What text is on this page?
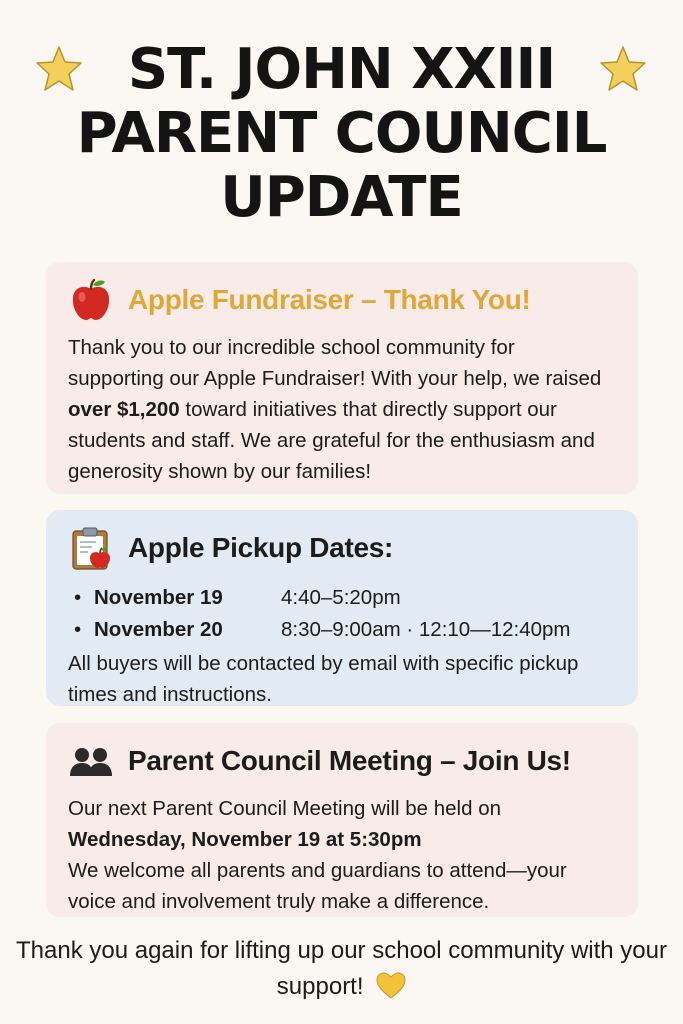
ST. JOHN XXIII
PARENT COUNCIL
UPDATE
Apple Fundraiser – Thank You!

Thank you to our incredible school community for supporting our Apple Fundraiser! With your help, we raised over $1,200 toward initiatives that directly support our students and staff. We are grateful for the enthusiasm and generosity shown by our families!

Apple Pickup Dates:
• November 19	4:40–5:20pm
• November 20	8:30–9:00am · 12:10—12:40pm

All buyers will be contacted by email with specific pickup times and instructions.

Parent Council Meeting – Join Us!

Our next Parent Council Meeting will be held on
Wednesday, November 19 at 5:30pm
We welcome all parents and guardians to attend—your voice and involvement truly make a difference.

Thank you again for lifting up our school community with your support!
